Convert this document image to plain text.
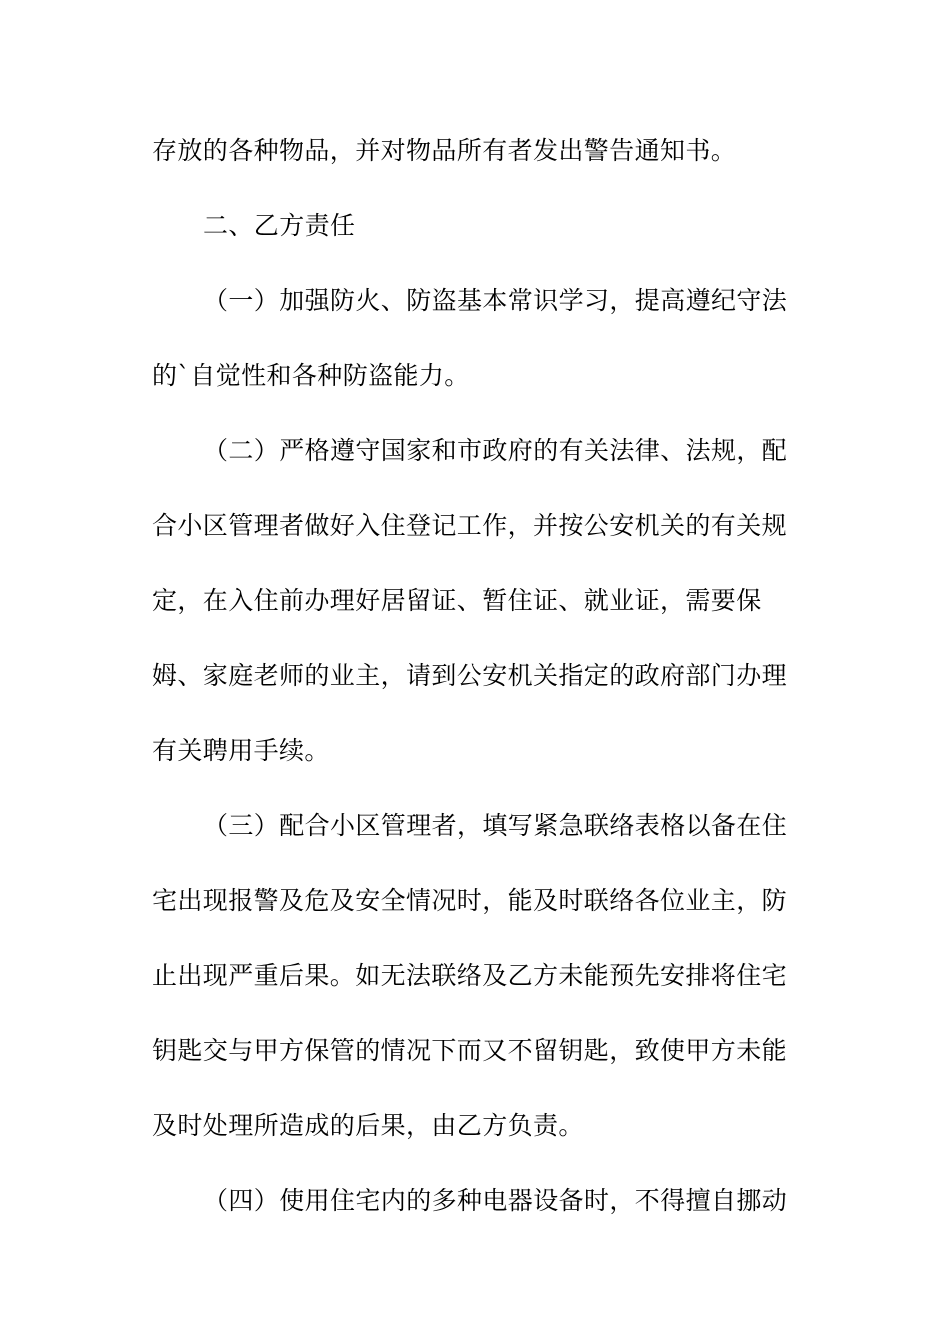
存放的各种物品，并对物品所有者发出警告通知书。
二、乙方责任
（一）加强防火、防盗基本常识学习，提高遵纪守法
的`自觉性和各种防盗能力。
（二）严格遵守国家和市政府的有关法律、法规，配
合小区管理者做好入住登记工作，并按公安机关的有关规
定，在入住前办理好居留证、暂住证、就业证，需要保
姆、家庭老师的业主，请到公安机关指定的政府部门办理
有关聘用手续。
（三）配合小区管理者，填写紧急联络表格以备在住
宅出现报警及危及安全情况时，能及时联络各位业主，防
止出现严重后果。如无法联络及乙方未能预先安排将住宅
钥匙交与甲方保管的情况下而又不留钥匙，致使甲方未能
及时处理所造成的后果，由乙方负责。
（四）使用住宅内的多种电器设备时，不得擅自挪动
